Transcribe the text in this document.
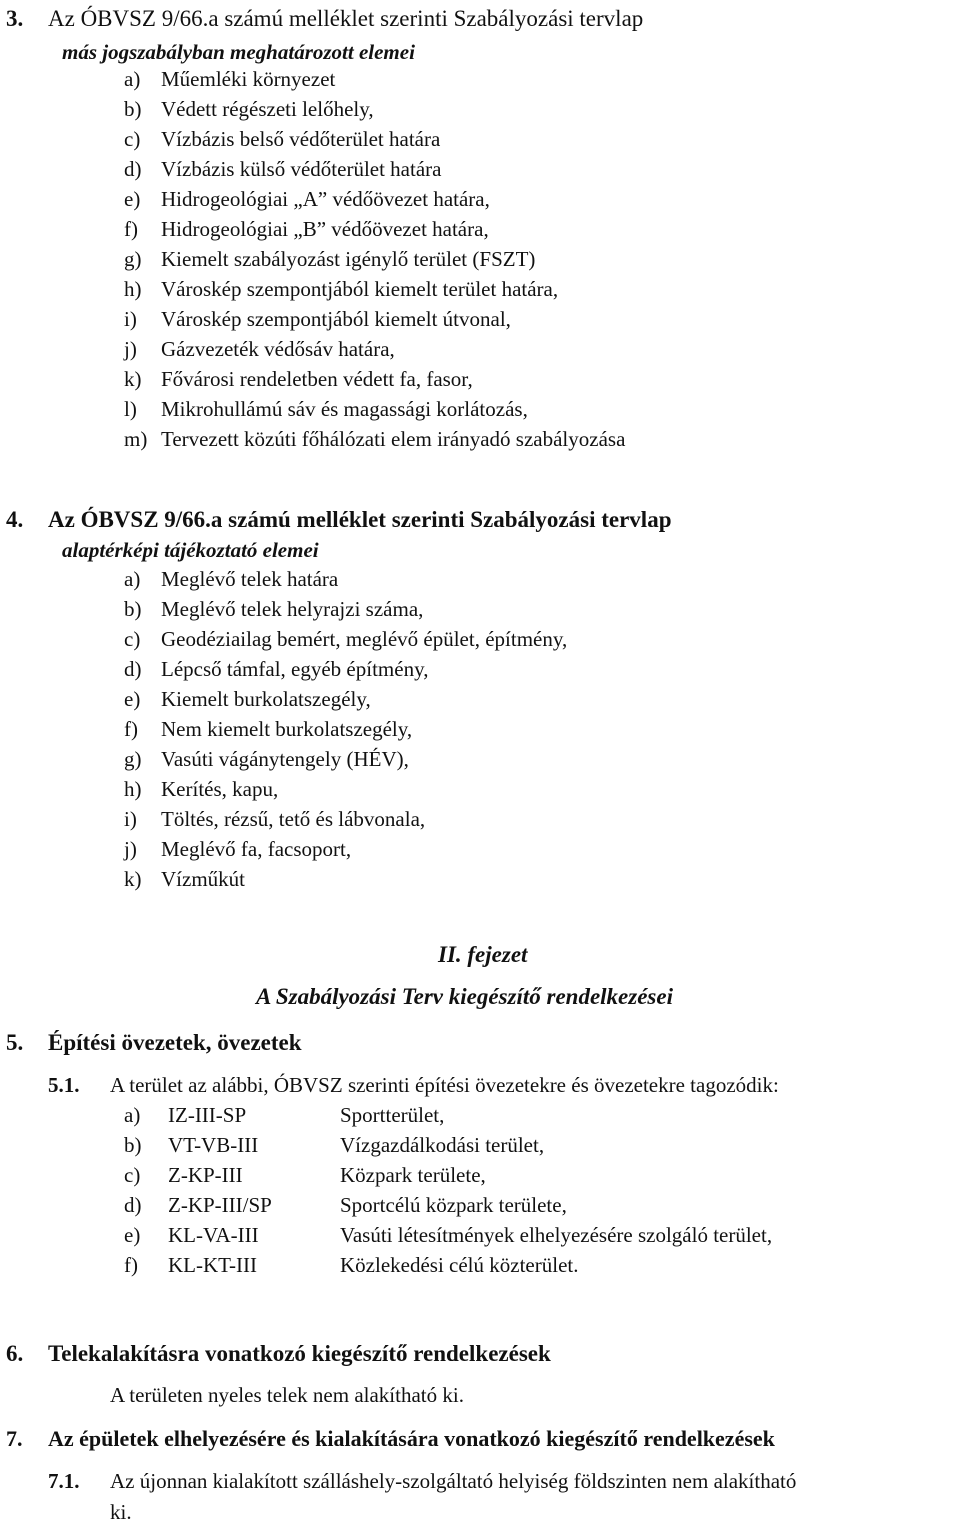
3. Az ÓBVSZ 9/66.a számú melléklet szerinti Szabályozási tervlap
más jogszabályban meghatározott elemei
a) Műemléki környezet
b) Védett régészeti lelőhely,
c) Vízbázis belső védőterület határa
d) Vízbázis külső védőterület határa
e) Hidrogeológiai „A” védőövezet határa,
f) Hidrogeológiai „B” védőövezet határa,
g) Kiemelt szabályozást igénylő terület (FSZT)
h) Városkép szempontjából kiemelt terület határa,
i) Városkép szempontjából kiemelt útvonal,
j) Gázvezeték védősáv határa,
k) Fővárosi rendeletben védett fa, fasor,
l) Mikrohullámú sáv és magassági korlátozás,
m) Tervezett közúti főhálózati elem irányadó szabályozása
4. Az ÓBVSZ 9/66.a számú melléklet szerinti Szabályozási tervlap
alaptérképi tájékoztató elemei
a) Meglévő telek határa
b) Meglévő telek helyrajzi száma,
c) Geodéziailag bemért, meglévő épület, építmény,
d) Lépcső támfal, egyéb építmény,
e) Kiemelt burkolatszegély,
f) Nem kiemelt burkolatszegély,
g) Vasúti vágánytengely (HÉV),
h) Kerítés, kapu,
i) Töltés, rézsű, tető és lábvonala,
j) Meglévő fa, facsoport,
k) Vízműkút
II. fejezet
A Szabályozási Terv kiegészítő rendelkezései
5. Építési övezetek, övezetek
5.1. A terület az alábbi, ÓBVSZ szerinti építési övezetekre és övezetekre tagozódik:
a) IZ-III-SP	Sportterület,
b) VT-VB-III	Vízgazdálkodási terület,
c) Z-KP-III	Közpark területe,
d) Z-KP-III/SP	Sportcélú közpark területe,
e) KL-VA-III	Vasúti létesítmények elhelyezésére szolgáló terület,
f) KL-KT-III	Közlekedési célú közterület.
6. Telekalakításra vonatkozó kiegészítő rendelkezések
A területen nyeles telek nem alakítható ki.
7. Az épületek elhelyezésére és kialakítására vonatkozó kiegészítő rendelkezések
7.1. Az újonnan kialakított szálláshely-szolgáltató helyiség földszinten nem alakítható
ki.
